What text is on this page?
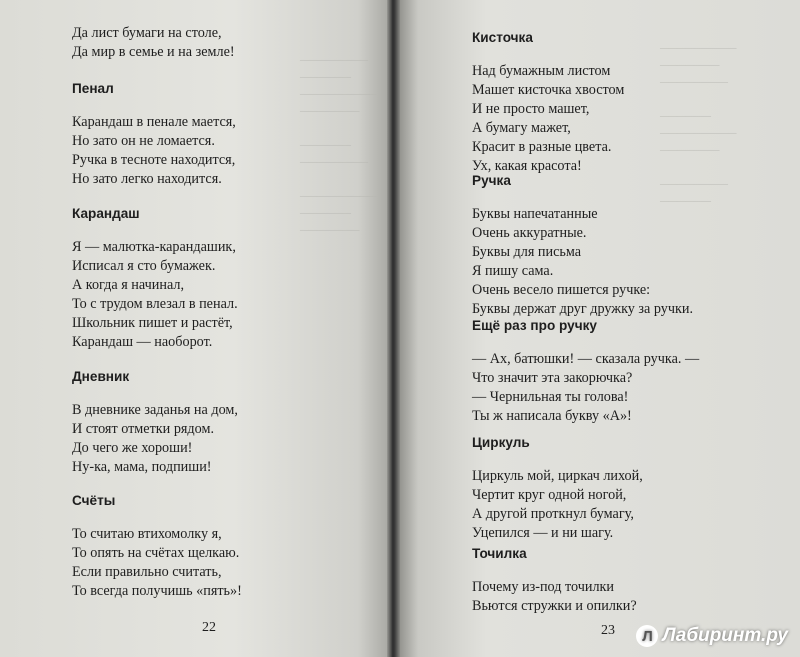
────────
──────
─────────
───────

──────
────────

─────────
──────
───────
─────────
───────
────────

──────
─────────
───────

────────
──────
Да лист бумаги на столе,
Да мир в семье и на земле!
Пенал
Карандаш в пенале мается,
Но зато он не ломается.
Ручка в тесноте находится,
Но зато легко находится.
Карандаш
Я — малютка-карандашик,
Исписал я сто бумажек.
А когда я начинал,
То с трудом влезал в пенал.
Школьник пишет и растёт,
Карандаш — наоборот.
Дневник
В дневнике заданья на дом,
И стоят отметки рядом.
До чего же хороши!
Ну-ка, мама, подпиши!
Счёты
То считаю втихомолку я,
То опять на счётах щелкаю.
Если правильно считать,
То всегда получишь «пять»!
22
Кисточка
Над бумажным листом
Машет кисточка хвостом
И не просто машет,
А бумагу мажет,
Красит в разные цвета.
Ух, какая красота!
Ручка
Буквы напечатанные
Очень аккуратные.
Буквы для письма
Я пишу сама.
Очень весело пишется ручке:
Буквы держат друг дружку за ручки.
Ещё раз про ручку
— Ах, батюшки! — сказала ручка. —
Что значит эта закорючка?
— Чернильная ты голова!
Ты ж написала букву «А»!
Циркуль
Циркуль мой, циркач лихой,
Чертит круг одной ногой,
А другой проткнул бумагу,
Уцепился — и ни шагу.
Точилка
Почему из-под точилки
Вьются стружки и опилки?
23	Л Лабиринт.ру
